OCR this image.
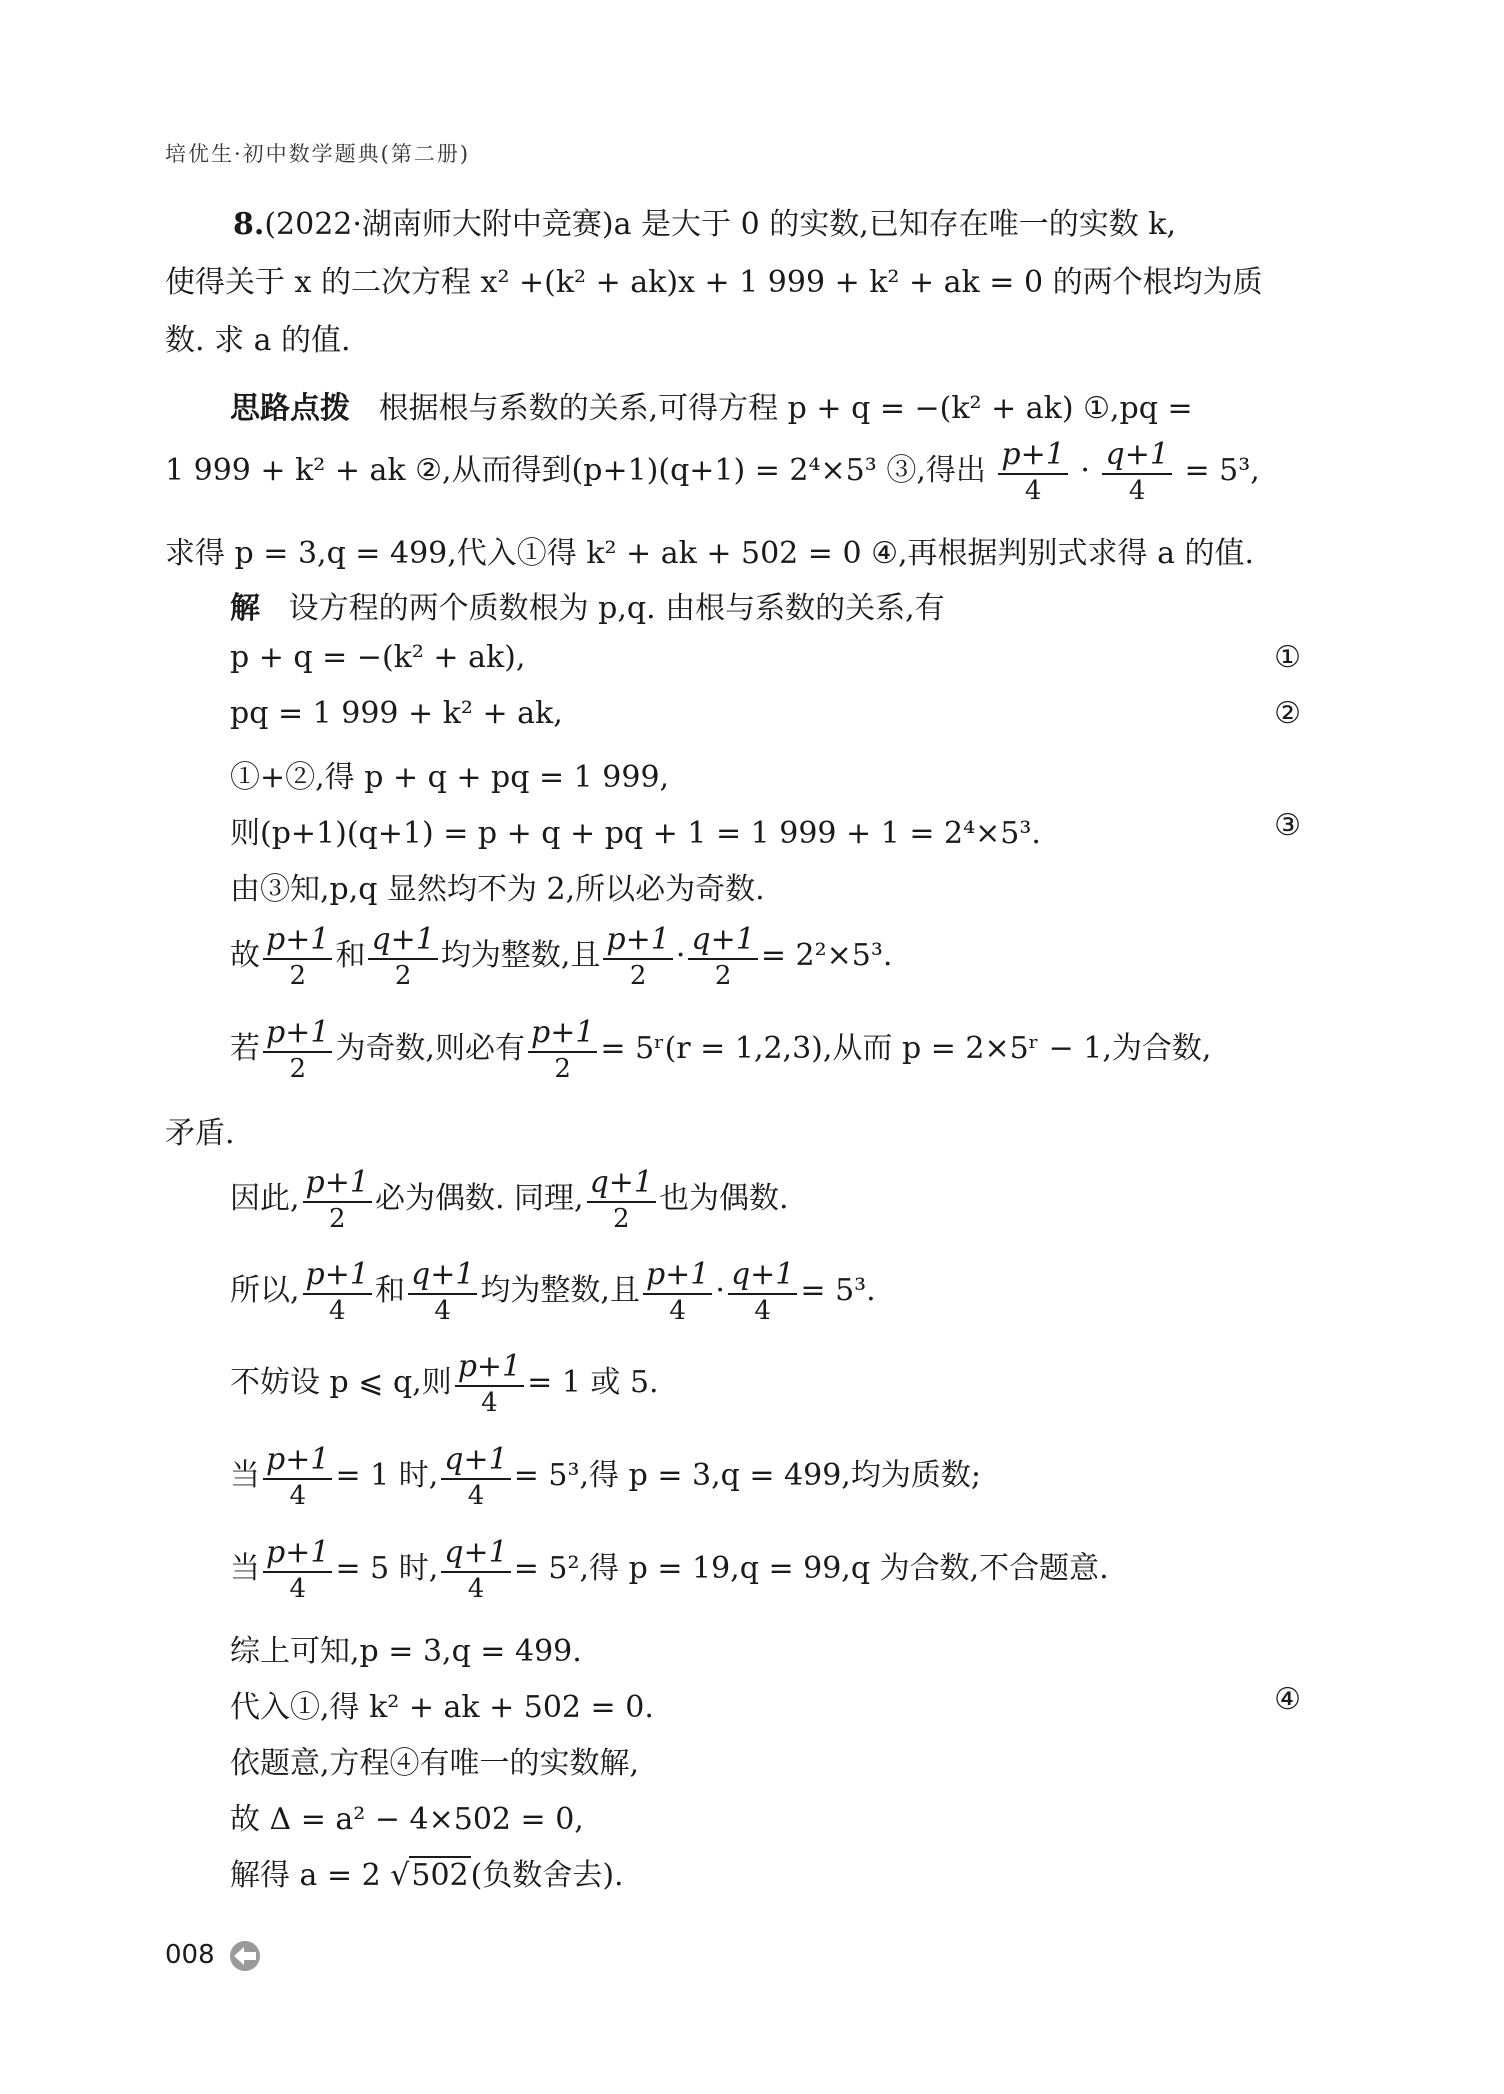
培优生·初中数学题典(第二册)
8.(2022·湖南师大附中竞赛)a 是大于 0 的实数,已知存在唯一的实数 k,
使得关于 x 的二次方程 x² +(k² + ak)x + 1 999 + k² + ak = 0 的两个根均为质
数. 求 a 的值.
思路点拨 根据根与系数的关系,可得方程 p + q = −(k² + ak) ①,pq =
1 999 + k² + ak ②,从而得到(p+1)(q+1) = 2⁴×5³ ③,得出 $\frac{p+1}{4} \cdot \frac{q+1}{4} = 5^3$,
求得 p = 3,q = 499,代入①得 k² + ak + 502 = 0 ④,再根据判别式求得 a 的值.
解 设方程的两个质数根为 p,q. 由根与系数的关系,有
p + q = −(k² + ak),	①
pq = 1 999 + k² + ak,	②
①+②,得 p + q + pq = 1 999,
则(p+1)(q+1) = p + q + pq + 1 = 1 999 + 1 = 2⁴×5³.	③
由③知,p,q 显然均不为 2,所以必为奇数.
故 $\frac{p+1}{2}$ 和 $\frac{q+1}{2}$ 均为整数,且 $\frac{p+1}{2} \cdot \frac{q+1}{2} = 2^2\times 5^3$.
若 $\frac{p+1}{2}$ 为奇数,则必有 $\frac{p+1}{2}$ = 5ʳ(r = 1,2,3),从而 p = 2×5ʳ − 1,为合数,
矛盾.
因此, $\frac{p+1}{2}$ 必为偶数. 同理, $\frac{q+1}{2}$ 也为偶数.
所以, $\frac{p+1}{4}$ 和 $\frac{q+1}{4}$ 均为整数,且 $\frac{p+1}{4} \cdot \frac{q+1}{4} = 5^3$.
不妨设 p ⩽ q,则 $\frac{p+1}{4} = 1$ 或 5.
当 $\frac{p+1}{4} = 1$ 时, $\frac{q+1}{4} = 5^3$,得 p = 3,q = 499,均为质数;
当 $\frac{p+1}{4} = 5$ 时, $\frac{q+1}{4} = 5^2$,得 p = 19,q = 99,q 为合数,不合题意.
综上可知,p = 3,q = 499.
代入①,得 k² + ak + 502 = 0.	④
依题意,方程④有唯一的实数解,
故 Δ = a² − 4×502 = 0,
解得 a = 2 √502(负数舍去).
008
